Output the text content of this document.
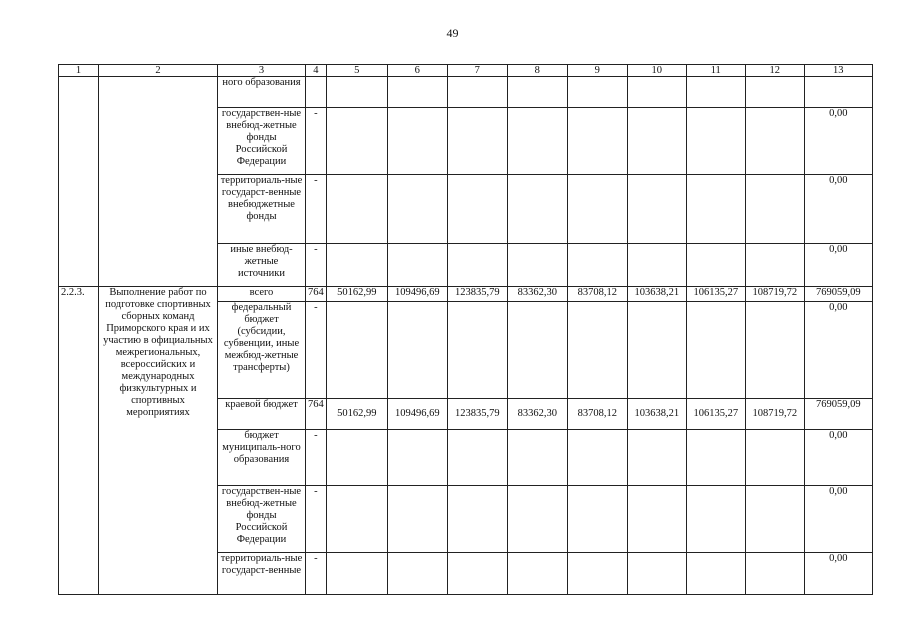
49
1	2	3	4	5	6	7	8	9	10	11	12	13
		ного образования										
		государствен-ные внебюд-жетные фонды Российской Федерации	-									0,00
		территориаль-ные государст-венные внебюджетные фонды	-									0,00
		иные внебюд-жетные источники	-									0,00
2.2.3.	Выполнение работ по подготовке спортивных сборных команд Приморского края и их участию в официальных межрегиональных, всероссийских и международных физкультурных и спортивных мероприятиях	всего	764	50162,99	109496,69	123835,79	83362,30	83708,12	103638,21	106135,27	108719,72	769059,09
		федеральный бюджет (субсидии, субвенции, иные межбюд-жетные трансферты)	-									0,00
		краевой бюджет	764	50162,99	109496,69	123835,79	83362,30	83708,12	103638,21	106135,27	108719,72	769059,09
		бюджет муниципаль-ного образования	-									0,00
		государствен-ные внебюд-жетные фонды Российской Федерации	-									0,00
		территориаль-ные государст-венные	-									0,00
